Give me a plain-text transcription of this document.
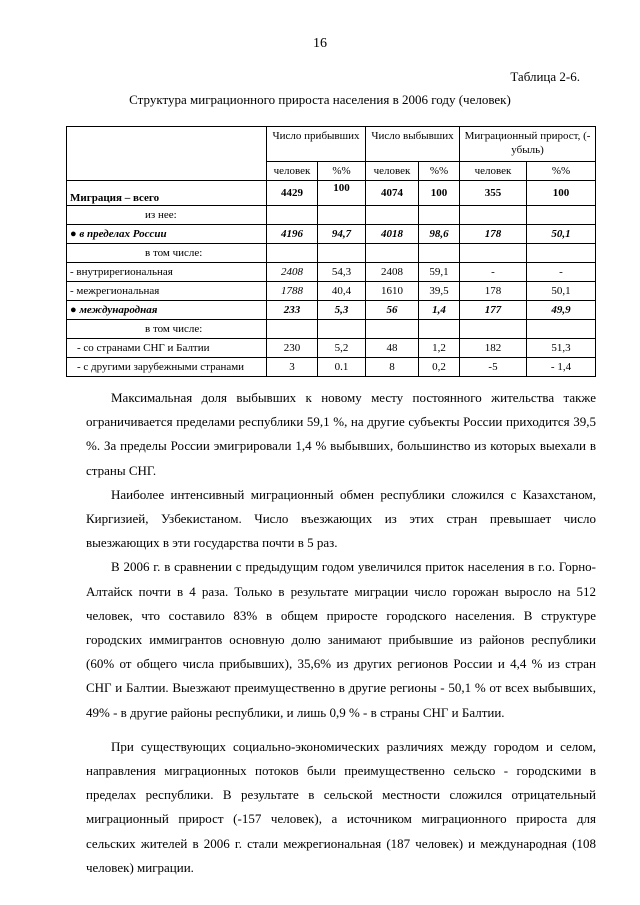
16
Таблица 2-6.
Структура миграционного прироста населения в 2006 году (человек)
	Число прибывших		Число выбывших		Миграционный прирост, (- убыль)	
	человек	%%	человек	%%	человек	%%
Миграция – всего	4429	100	4074	100	355	100
из нее:						
● в пределах России	4196	94,7	4018	98,6	178	50,1
в том числе:						
- внутрирегиональная	2408	54,3	2408	59,1	-	-
- межрегиональная	1788	40,4	1610	39,5	178	50,1
● международная	233	5,3	56	1,4	177	49,9
в том числе:						
- со странами СНГ и Балтии	230	5,2	48	1,2	182	51,3
- с другими зарубежными странами	3	0.1	8	0,2	-5	- 1,4

Максимальная доля выбывших к новому месту постоянного жительства также ограничивается пределами республики 59,1 %, на другие субъекты России приходится 39,5 %. За пределы России эмигрировали 1,4 % выбывших, большинство из которых выехали в страны СНГ.

Наиболее интенсивный миграционный обмен республики сложился с Казахстаном, Киргизией, Узбекистаном. Число въезжающих из этих стран превышает число выезжающих в эти государства почти в 5 раз.

В 2006 г. в сравнении с предыдущим годом увеличился приток населения в г.о. Горно-Алтайск почти в 4 раза. Только в результате миграции число горожан выросло на 512 человек, что составило 83% в общем приросте городского населения. В структуре городских иммигрантов основную долю занимают прибывшие из районов республики (60% от общего числа прибывших), 35,6% из других регионов России и 4,4 % из стран СНГ и Балтии. Выезжают преимущественно в другие регионы - 50,1 % от всех выбывших, 49% - в другие районы республики, и лишь 0,9 % - в страны СНГ и Балтии.

При существующих социально-экономических различиях между городом и селом, направления миграционных потоков были преимущественно сельско - городскими в пределах республики. В результате в сельской местности сложился отрицательный миграционный прирост (-157 человек), а источником миграционного прироста для сельских жителей в 2006 г. стали межрегиональная (187 человек) и международная (108 человек) миграции.
